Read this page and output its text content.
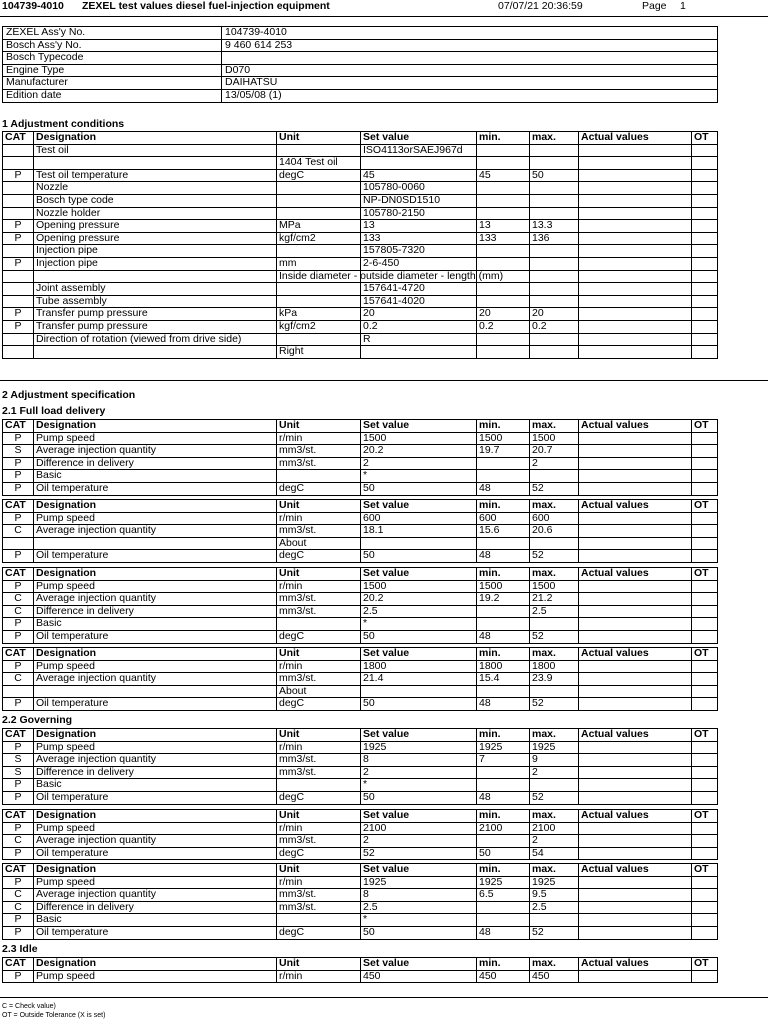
104739-4010 ZEXEL test values diesel fuel-injection equipment	07/07/21 20:36:59	Page 1
ZEXEL Ass'y No.	104739-4010
Bosch Ass'y No.	9 460 614 253
Bosch Typecode	
Engine Type	D070
Manufacturer	DAIHATSU
Edition date	13/05/08 (1)
1 Adjustment conditions
CAT	Designation	Unit	Set value	min.	max.	Actual values	OT
	Test oil		ISO4113orSAEJ967d				
		1404 Test oil					
P	Test oil temperature	degC	45	45	50		
	Nozzle		105780-0060				
	Bosch type code		NP-DN0SD1510				
	Nozzle holder		105780-2150				
P	Opening pressure	MPa	13	13	13.3		
P	Opening pressure	kgf/cm2	133	133	136		
	Injection pipe		157805-7320				
P	Injection pipe	mm	2-6-450				
		Inside diameter - outside diameter - length (mm)					
	Joint assembly		157641-4720				
	Tube assembly		157641-4020				
P	Transfer pump pressure	kPa	20	20	20		
P	Transfer pump pressure	kgf/cm2	0.2	0.2	0.2		
	Direction of rotation (viewed from drive side)		R				
		Right					
2 Adjustment specification
2.1 Full load delivery
CAT	Designation	Unit	Set value	min.	max.	Actual values	OT
P	Pump speed	r/min	1500	1500	1500		
S	Average injection quantity	mm3/st.	20.2	19.7	20.7		
P	Difference in delivery	mm3/st.	2		2		
P	Basic		*				
P	Oil temperature	degC	50	48	52		
CAT	Designation	Unit	Set value	min.	max.	Actual values	OT
P	Pump speed	r/min	600	600	600		
C	Average injection quantity	mm3/st.	18.1	15.6	20.6		
		About					
P	Oil temperature	degC	50	48	52		
CAT	Designation	Unit	Set value	min.	max.	Actual values	OT
P	Pump speed	r/min	1500	1500	1500		
C	Average injection quantity	mm3/st.	20.2	19.2	21.2		
C	Difference in delivery	mm3/st.	2.5		2.5		
P	Basic		*				
P	Oil temperature	degC	50	48	52		
CAT	Designation	Unit	Set value	min.	max.	Actual values	OT
P	Pump speed	r/min	1800	1800	1800		
C	Average injection quantity	mm3/st.	21.4	15.4	23.9		
		About					
P	Oil temperature	degC	50	48	52		
2.2 Governing
CAT	Designation	Unit	Set value	min.	max.	Actual values	OT
P	Pump speed	r/min	1925	1925	1925		
S	Average injection quantity	mm3/st.	8	7	9		
S	Difference in delivery	mm3/st.	2		2		
P	Basic		*				
P	Oil temperature	degC	50	48	52		
CAT	Designation	Unit	Set value	min.	max.	Actual values	OT
P	Pump speed	r/min	2100	2100	2100		
C	Average injection quantity	mm3/st.	2		2		
P	Oil temperature	degC	52	50	54		
CAT	Designation	Unit	Set value	min.	max.	Actual values	OT
P	Pump speed	r/min	1925	1925	1925		
C	Average injection quantity	mm3/st.	8	6.5	9.5		
C	Difference in delivery	mm3/st.	2.5		2.5		
P	Basic		*				
P	Oil temperature	degC	50	48	52		
2.3 Idle
CAT	Designation	Unit	Set value	min.	max.	Actual values	OT
P	Pump speed	r/min	450	450	450		
C = Check value)
OT = Outside Tolerance (X is set)
